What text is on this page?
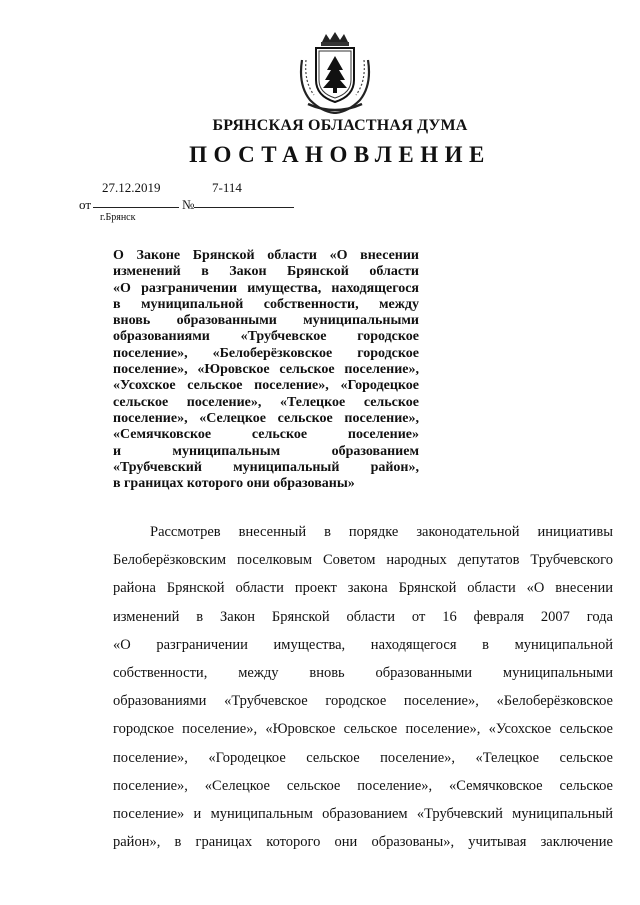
БРЯНСКАЯ ОБЛАСТНАЯ ДУМА
ПОСТАНОВЛЕНИЕ
от
27.12.2019
№
7-114
г.Брянск
О Законе Брянской области «О внесении
изменений в Закон Брянской области
«О разграничении имущества, находящегося
в муниципальной собственности, между
вновь образованными муниципальными
образованиями «Трубчевское городское
поселение», «Белоберёзковское городское
поселение», «Юровское сельское поселение»,
«Усохское сельское поселение», «Городецкое
сельское поселение», «Телецкое сельское
поселение», «Селецкое сельское поселение»,
«Семячковское сельское поселение»
и муниципальным образованием
«Трубчевский муниципальный район»,
в границах которого они образованы»
Рассмотрев внесенный в порядке законодательной инициативы
Белоберёзковским поселковым Советом народных депутатов Трубчевского
района Брянской области проект закона Брянской области «О внесении
изменений в Закон Брянской области от 16 февраля 2007 года
«О разграничении имущества, находящегося в муниципальной
собственности, между вновь образованными муниципальными
образованиями «Трубчевское городское поселение», «Белоберёзковское
городское поселение», «Юровское сельское поселение», «Усохское сельское
поселение», «Городецкое сельское поселение», «Телецкое сельское
поселение», «Селецкое сельское поселение», «Семячковское сельское
поселение» и муниципальным образованием «Трубчевский муниципальный
район», в границах которого они образованы», учитывая заключение
